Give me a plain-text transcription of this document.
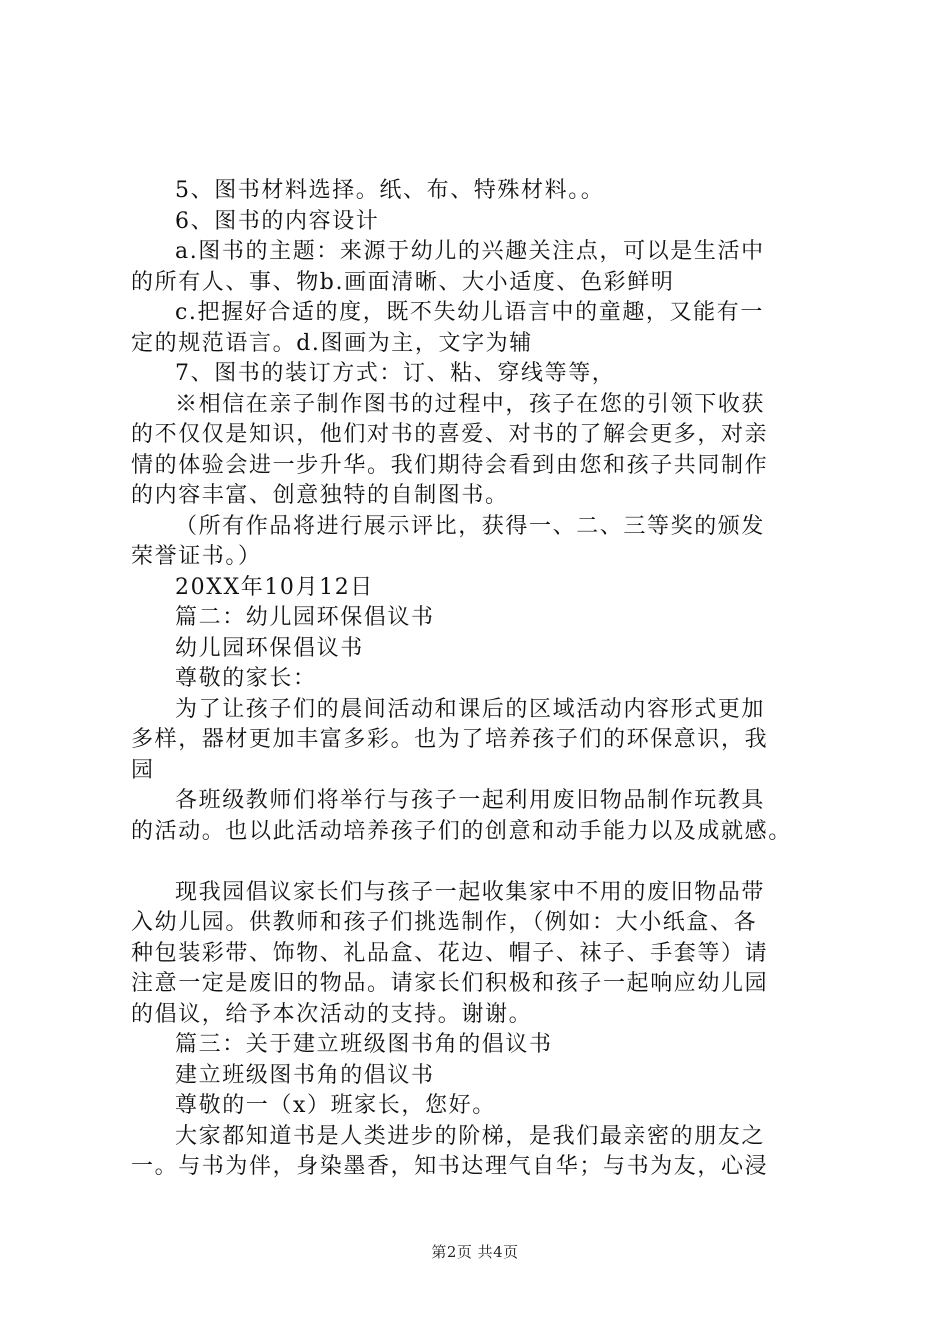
5、图书材料选择。纸、布、特殊材料。。
6、图书的内容设计
a.图书的主题：来源于幼儿的兴趣关注点，可以是生活中
的所有人、事、物b.画面清晰、大小适度、色彩鲜明
c.把握好合适的度，既不失幼儿语言中的童趣，又能有一
定的规范语言。d.图画为主，文字为辅
7、图书的装订方式：订、粘、穿线等等，
※相信在亲子制作图书的过程中，孩子在您的引领下收获
的不仅仅是知识，他们对书的喜爱、对书的了解会更多，对亲
情的体验会进一步升华。我们期待会看到由您和孩子共同制作
的内容丰富、创意独特的自制图书。
（所有作品将进行展示评比，获得一、二、三等奖的颁发
荣誉证书。）
20XX年10月12日
篇二：幼儿园环保倡议书
幼儿园环保倡议书
尊敬的家长：
为了让孩子们的晨间活动和课后的区域活动内容形式更加
多样，器材更加丰富多彩。也为了培养孩子们的环保意识，我
园
各班级教师们将举行与孩子一起利用废旧物品制作玩教具
的活动。也以此活动培养孩子们的创意和动手能力以及成就感。
现我园倡议家长们与孩子一起收集家中不用的废旧物品带
入幼儿园。供教师和孩子们挑选制作，（例如：大小纸盒、各
种包装彩带、饰物、礼品盒、花边、帽子、袜子、手套等）请
注意一定是废旧的物品。请家长们积极和孩子一起响应幼儿园
的倡议，给予本次活动的支持。谢谢。
篇三：关于建立班级图书角的倡议书
建立班级图书角的倡议书
尊敬的一（x）班家长，您好。
大家都知道书是人类进步的阶梯，是我们最亲密的朋友之
一。与书为伴，身染墨香，知书达理气自华；与书为友，心浸
第2页 共4页
